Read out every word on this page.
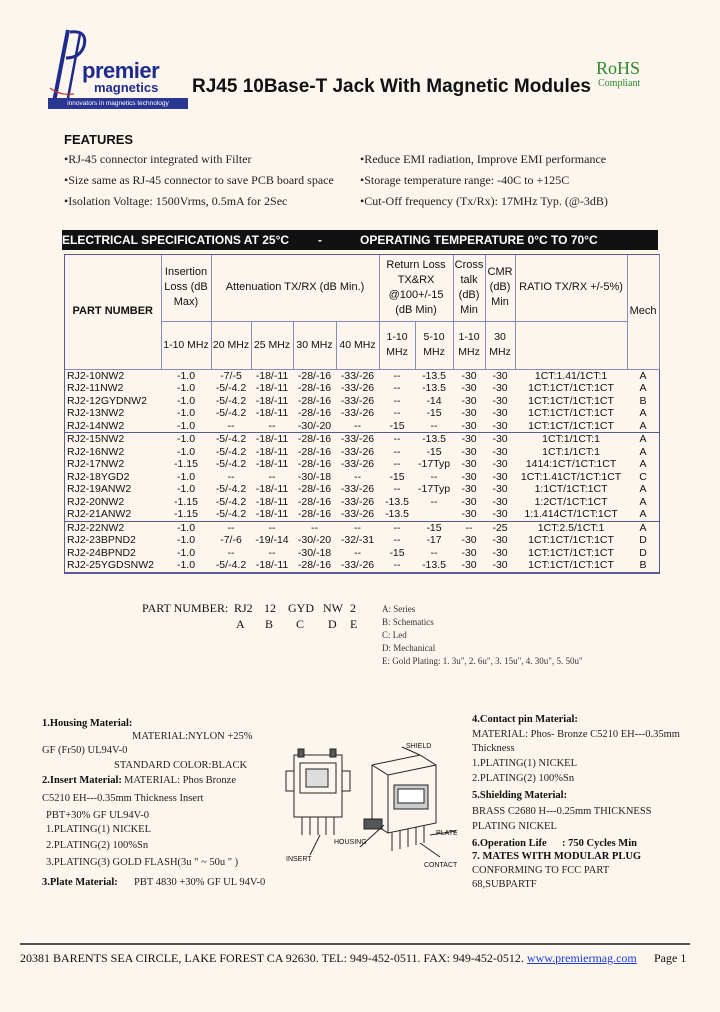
premier
magnetics
innovators in magnetics technology
RJ45 10Base-T Jack With Magnetic Modules
RoHS
Compliant
FEATURES
•RJ-45 connector integrated with Filter
•Size same as RJ-45 connector to save PCB board space
•Isolation Voltage: 1500Vrms, 0.5mA for 2Sec
•Reduce EMI radiation, Improve EMI performance
•Storage temperature range: -40C to +125C
•Cut-Off frequency (Tx/Rx): 17MHz Typ. (@-3dB)
ELECTRICAL SPECIFICATIONS AT 25°C -	OPERATING TEMPERATURE 0°C TO 70°C
PART NUMBER	Insertion Loss (dB Max)	Attenuation TX/RX (dB Min.)				Return Loss TX&RX @100+/-15 (dB Min)		Cross talk (dB) Min	CMR (dB) Min	RATIO TX/RX +/-5%)	Mech
	1-10 MHz	20 MHz	25 MHz	30 MHz	40 MHz	1-10 MHz	5-10 MHz	1-10 MHz	30 MHz		
RJ2-10NW2	-1.0	-7/-5	-18/-11	-28/-16	-33/-26	--	-13.5	-30	-30	1CT:1.41/1CT:1	A
RJ2-11NW2	-1.0	-5/-4.2	-18/-11	-28/-16	-33/-26	--	-13.5	-30	-30	1CT:1CT/1CT:1CT	A
RJ2-12GYDNW2	-1.0	-5/-4.2	-18/-11	-28/-16	-33/-26	--	-14	-30	-30	1CT:1CT/1CT:1CT	B
RJ2-13NW2	-1.0	-5/-4.2	-18/-11	-28/-16	-33/-26	--	-15	-30	-30	1CT:1CT/1CT:1CT	A
RJ2-14NW2	-1.0	--	--	-30/-20	--	-15	--	-30	-30	1CT:1CT/1CT:1CT	A
RJ2-15NW2	-1.0	-5/-4.2	-18/-11	-28/-16	-33/-26	--	-13.5	-30	-30	1CT:1/1CT:1	A
RJ2-16NW2	-1.0	-5/-4.2	-18/-11	-28/-16	-33/-26	--	-15	-30	-30	1CT:1/1CT:1	A
RJ2-17NW2	-1.15	-5/-4.2	-18/-11	-28/-16	-33/-26	--	-17Typ	-30	-30	1414:1CT/1CT:1CT	A
RJ2-18YGD2	-1.0	--	--	-30/-18	--	-15	--	-30	-30	1CT:1.41CT/1CT:1CT	C
RJ2-19ANW2	-1.0	-5/-4.2	-18/-11	-28/-16	-33/-26	--	-17Typ	-30	-30	1:1CT/1CT:1CT	A
RJ2-20NW2	-1.15	-5/-4.2	-18/-11	-28/-16	-33/-26	-13.5	--	-30	-30	1:2CT/1CT:1CT	A
RJ2-21ANW2	-1.15	-5/-4.2	-18/-11	-28/-16	-33/-26	-13.5		-30	-30	1:1.414CT/1CT:1CT	A
RJ2-22NW2	-1.0	--	--	--	--	--	-15	--	-25	1CT:2.5/1CT:1	A
RJ2-23BPND2	-1.0	-7/-6	-19/-14	-30/-20	-32/-31	--	-17	-30	-30	1CT:1CT/1CT:1CT	D
RJ2-24BPND2	-1.0	--	--	-30/-18	--	-15	--	-30	-30	1CT:1CT/1CT:1CT	D
RJ2-25YGDSNW2	-1.0	-5/-4.2	-18/-11	-28/-16	-33/-26	--	-13.5	-30	-30	1CT:1CT/1CT:1CT	B
PART NUMBER: RJ2 12 GYD NW 2
A B C D E
A: Series
B: Schematics
C: Led
D: Mechanical
E: Gold Plating: 1. 3u", 2. 6u", 3. 15u", 4. 30u", 5. 50u"
1.Housing Material:
MATERIAL:NYLON +25%
GF (Fr50) UL94V-0
STANDARD COLOR:BLACK
2.Insert Material: MATERIAL: Phos Bronze
C5210 EH---0.35mm Thickness Insert
PBT+30% GF UL94V-0
1.PLATING(1) NICKEL
2.PLATING(2) 100%Sn
3.PLATING(3) GOLD FLASH(3u " ~ 50u " )
3.Plate Material: PBT 4830 +30% GF UL 94V-0
SHIELD
HOUSING
PLATE
INSERT
CONTACT
4.Contact pin Material:
MATERIAL: Phos- Bronze C5210 EH---0.35mm
Thickness
1.PLATING(1) NICKEL
2.PLATING(2) 100%Sn
5.Shielding Material:
BRASS C2680 H---0.25mm THICKNESS
PLATING NICKEL
6.Operation Life : 750 Cycles Min
7. MATES WITH MODULAR PLUG
CONFORMING TO FCC PART
68,SUBPARTF
20381 BARENTS SEA CIRCLE, LAKE FOREST CA 92630. TEL: 949-452-0511. FAX: 949-452-0512. www.premiermag.com Page 1
